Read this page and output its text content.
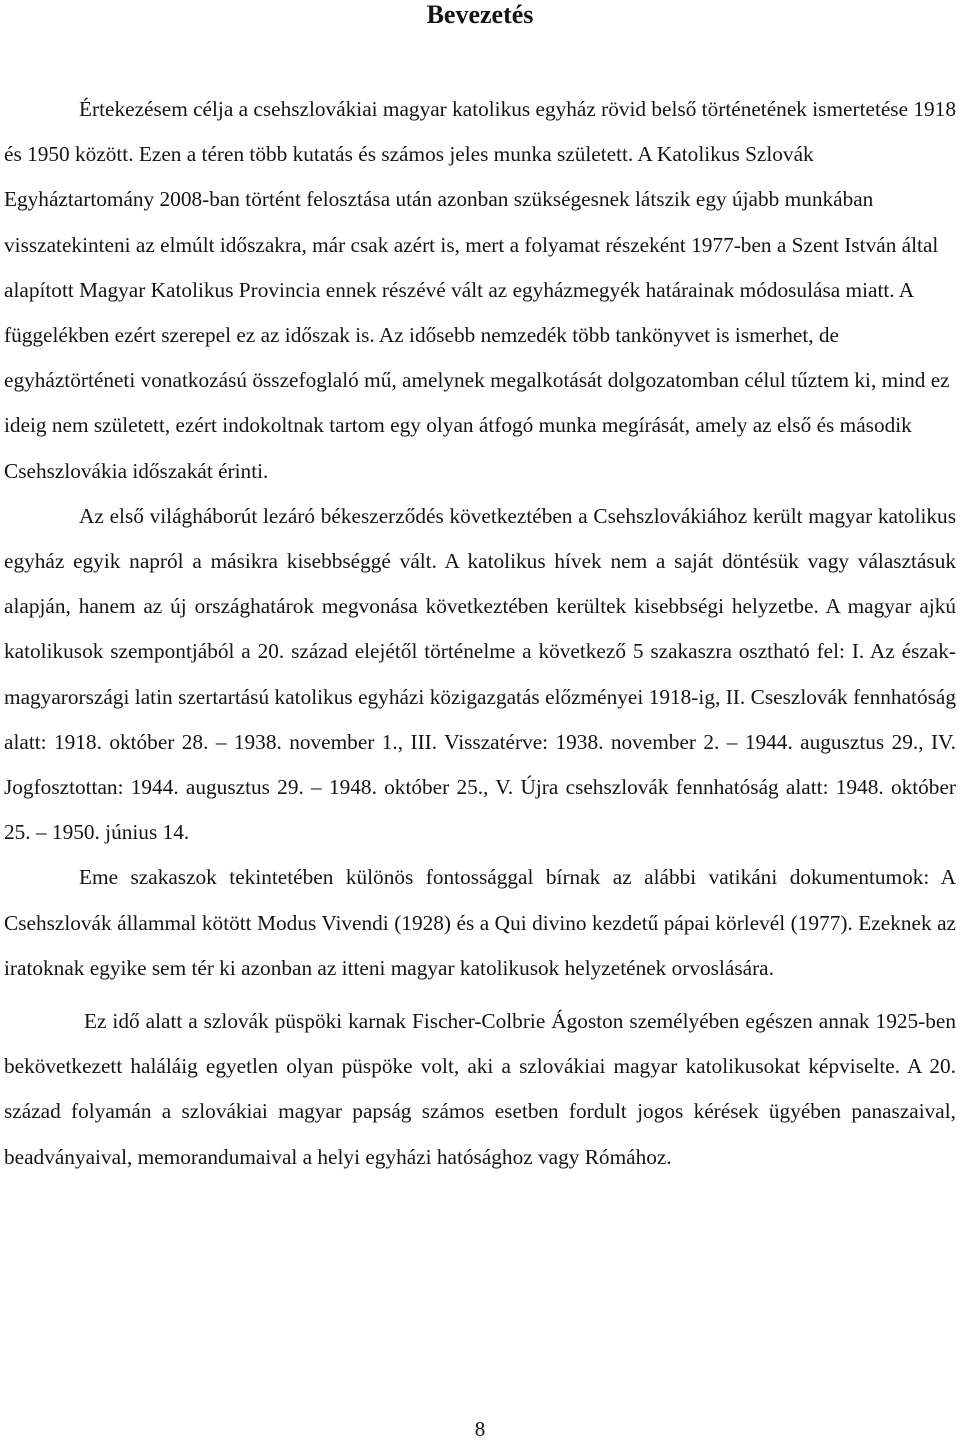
Bevezetés

Értekezésem célja a csehszlovákiai magyar katolikus egyház rövid belső történetének ismertetése 1918 és 1950 között. Ezen a téren több kutatás és számos jeles munka született. A Katolikus Szlovák Egyháztartomány 2008-ban történt felosztása után azonban szükségesnek látszik egy újabb munkában visszatekinteni az elmúlt időszakra, már csak azért is, mert a folyamat részeként 1977-ben a Szent István által alapított Magyar Katolikus Provincia ennek részévé vált az egyházmegyék határainak módosulása miatt. A függelékben ezért szerepel ez az időszak is. Az idősebb nemzedék több tankönyvet is ismerhet, de egyháztörténeti vonatkozású összefoglaló mű, amelynek megalkotását dolgozatomban célul tűztem ki, mind ez ideig nem született, ezért indokoltnak tartom egy olyan átfogó munka megírását, amely az első és második Csehszlovákia időszakát érinti.

Az első világháborút lezáró békeszerződés következtében a Csehszlovákiához került magyar katolikus egyház egyik napról a másikra kisebbséggé vált. A katolikus hívek nem a saját döntésük vagy választásuk alapján, hanem az új országhatárok megvonása következtében kerültek kisebbségi helyzetbe. A magyar ajkú katolikusok szempontjából a 20. század elejétől történelme a következő 5 szakaszra osztható fel: I. Az észak-magyarországi latin szertartású katolikus egyházi közigazgatás előzményei 1918-ig, II. Cseszlovák fennhatóság alatt: 1918. október 28. – 1938. november 1., III. Visszatérve: 1938. november 2. – 1944. augusztus 29., IV. Jogfosztottan: 1944. augusztus 29. – 1948. október 25., V. Újra csehszlovák fennhatóság alatt: 1948. október 25. – 1950. június 14.

Eme szakaszok tekintetében különös fontossággal bírnak az alábbi vatikáni dokumentumok: A Csehszlovák állammal kötött Modus Vivendi (1928) és a Qui divino kezdetű pápai körlevél (1977). Ezeknek az iratoknak egyike sem tér ki azonban az itteni magyar katolikusok helyzetének orvoslására.

Ez idő alatt a szlovák püspöki karnak Fischer-Colbrie Ágoston személyében egészen annak 1925-ben bekövetkezett haláláig egyetlen olyan püspöke volt, aki a szlovákiai magyar katolikusokat képviselte. A 20. század folyamán a szlovákiai magyar papság számos esetben fordult jogos kérések ügyében panaszaival, beadványaival, memorandumaival a helyi egyházi hatósághoz vagy Rómához.

8
